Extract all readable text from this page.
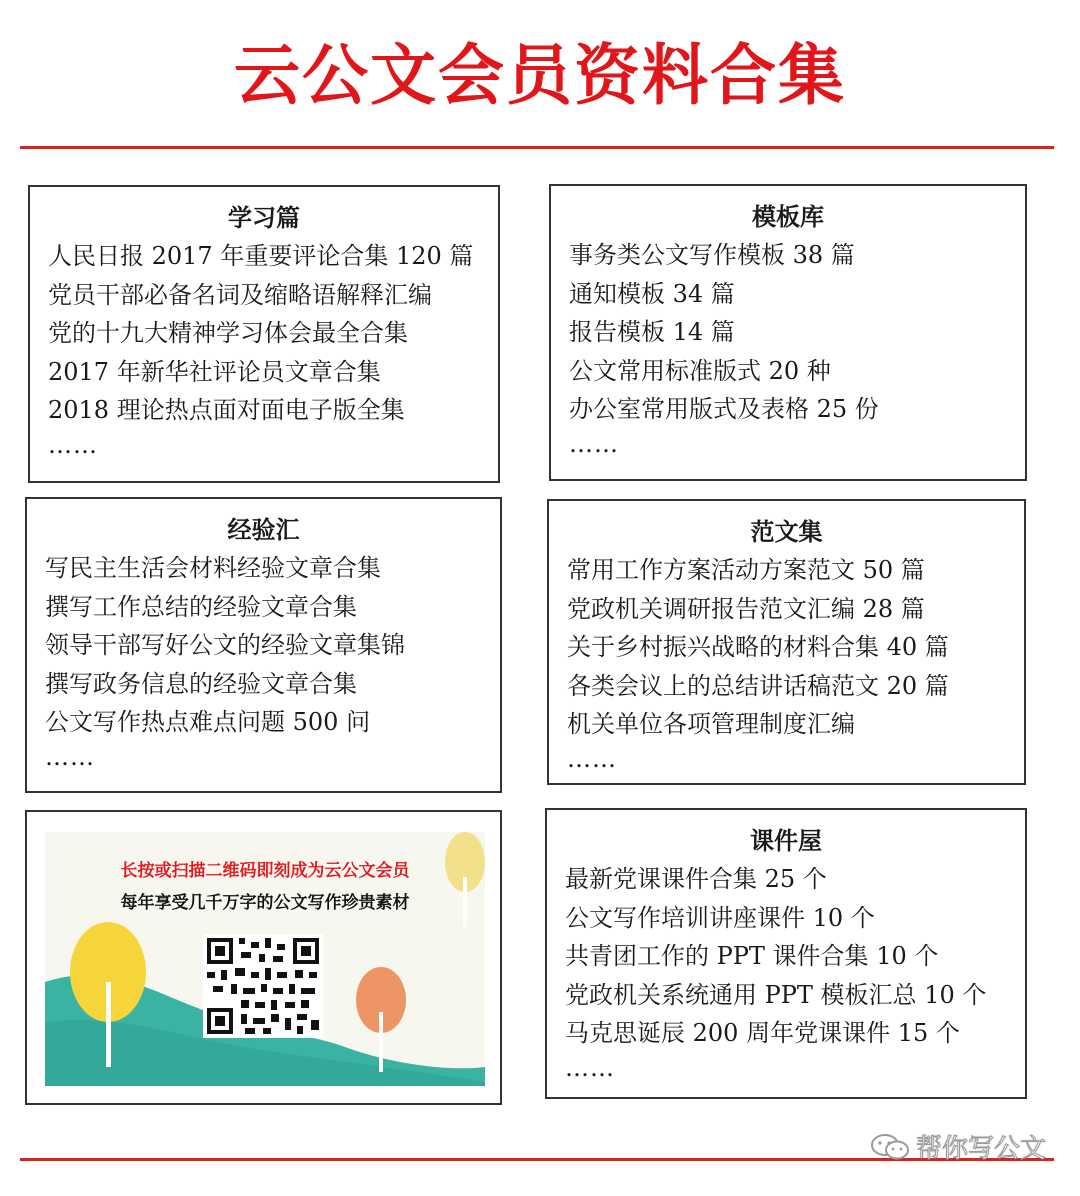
云公文会员资料合集
学习篇
人民日报 2017 年重要评论合集 120 篇
党员干部必备名词及缩略语解释汇编
党的十九大精神学习体会最全合集
2017 年新华社评论员文章合集
2018 理论热点面对面电子版全集
……
模板库
事务类公文写作模板 38 篇
通知模板 34 篇
报告模板 14 篇
公文常用标准版式 20 种
办公室常用版式及表格 25 份
……
经验汇
写民主生活会材料经验文章合集
撰写工作总结的经验文章合集
领导干部写好公文的经验文章集锦
撰写政务信息的经验文章合集
公文写作热点难点问题 500 问
……
范文集
常用工作方案活动方案范文 50 篇
党政机关调研报告范文汇编 28 篇
关于乡村振兴战略的材料合集 40 篇
各类会议上的总结讲话稿范文 20 篇
机关单位各项管理制度汇编
……
长按或扫描二维码即刻成为云公文会员
每年享受几千万字的公文写作珍贵素材
课件屋
最新党课课件合集 25 个
公文写作培训讲座课件 10 个
共青团工作的 PPT 课件合集 10 个
党政机关系统通用 PPT 模板汇总 10 个
马克思诞辰 200 周年党课课件 15 个
……
帮你写公文
